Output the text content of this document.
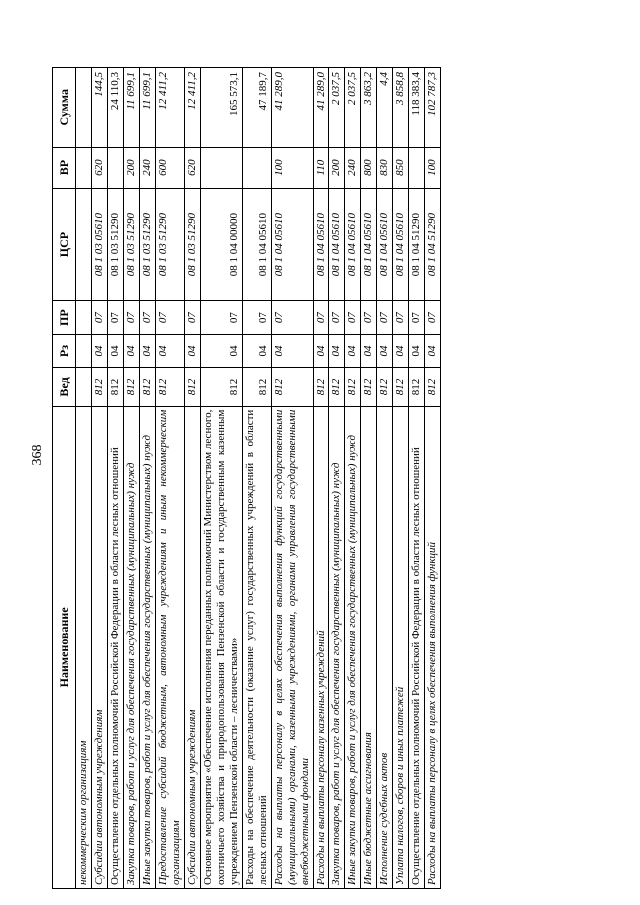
368
Наименование	Вед	Рз	ПР	ЦСР	ВР	Сумма
некоммерческим организациям						
Субсидии автономным учреждениям	812	04	07	08 1 03 05610	620	144,5
Осуществление отдельных полномочий Российской Федерации в области лесных отношений	812	04	07	08 1 03 51290		24 110,3
Закупка товаров, работ и услуг для обеспечения государственных (муниципальных) нужд	812	04	07	08 1 03 51290	200	11 699,1
Иные закупки товаров, работ и услуг для обеспечения государственных (муниципальных) нужд	812	04	07	08 1 03 51290	240	11 699,1
Предоставление субсидий бюджетным, автономным учреждениям и иным некоммерческим организациям	812	04	07	08 1 03 51290	600	12 411,2
Субсидии автономным учреждениям	812	04	07	08 1 03 51290	620	12 411,2
Основное мероприятие «Обеспечение исполнения переданных полномочий Министерством лесного, охотничьего хозяйства и природопользования Пензенской области и государственным казенным учреждением Пензенской области – лесничествами»	812	04	07	08 1 04 00000		165 573,1
Расходы на обеспечение деятельности (оказание услуг) государственных учреждений в области лесных отношений	812	04	07	08 1 04 05610		47 189,7
Расходы на выплаты персоналу в целях обеспечения выполнения функций государственными (муниципальными) органами, казенными учреждениями, органами управления государственными внебюджетными фондами	812	04	07	08 1 04 05610	100	41 289,0
Расходы на выплаты персоналу казенных учреждений	812	04	07	08 1 04 05610	110	41 289,0
Закупка товаров, работ и услуг для обеспечения государственных (муниципальных) нужд	812	04	07	08 1 04 05610	200	2 037,5
Иные закупки товаров, работ и услуг для обеспечения государственных (муниципальных) нужд	812	04	07	08 1 04 05610	240	2 037,5
Иные бюджетные ассигнования	812	04	07	08 1 04 05610	800	3 863,2
Исполнение судебных актов	812	04	07	08 1 04 05610	830	4,4
Уплата налогов, сборов и иных платежей	812	04	07	08 1 04 05610	850	3 858,8
Осуществление отдельных полномочий Российской Федерации в области лесных отношений	812	04	07	08 1 04 51290		118 383,4
Расходы на выплаты персоналу в целях обеспечения выполнения функций	812	04	07	08 1 04 51290	100	102 787,3
